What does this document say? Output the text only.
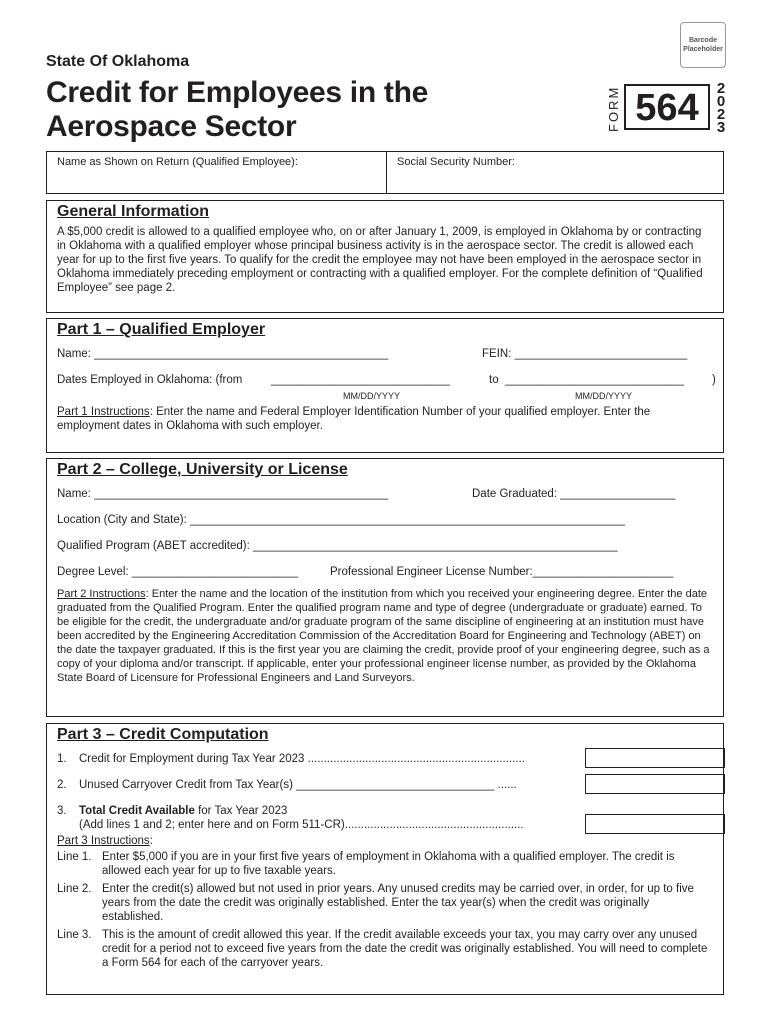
Barcode
Placeholder
State Of Oklahoma
Credit for Employees in the
Aerospace Sector	FORM 564	2
0
2
3
Name as Shown on Return (Qualified Employee):	Social Security Number:
General Information
A $5,000 credit is allowed to a qualified employee who, on or after January 1, 2009, is employed in Oklahoma by or contracting in Oklahoma with a qualified employer whose principal business activity is in the aerospace sector. The credit is allowed each year for up to the first five years. To qualify for the credit the employee may not have been employed in the aerospace sector in Oklahoma immediately preceding employment or contracting with a qualified employer. For the complete definition of “Qualified Employee” see page 2.
Part 1 – Qualified Employer
Name: ______________________________________________	FEIN: ___________________________
Dates Employed in Oklahoma: (from ____________________________	to ____________________________ )
MM/DD/YYYY	MM/DD/YYYY
Part 1 Instructions: Enter the name and Federal Employer Identification Number of your qualified employer. Enter the employment dates in Oklahoma with such employer.
Part 2 – College, University or License
Name: ______________________________________________	Date Graduated: __________________
Location (City and State): ____________________________________________________________________
Qualified Program (ABET accredited): _________________________________________________________
Degree Level: __________________________	Professional Engineer License Number:______________________
Part 2 Instructions: Enter the name and the location of the institution from which you received your engineering degree. Enter the date graduated from the Qualified Program. Enter the qualified program name and type of degree (undergraduate or graduate) earned. To be eligible for the credit, the undergraduate and/or graduate program of the same discipline of engineering at an institution must have been accredited by the Engineering Accreditation Commission of the Accreditation Board for Engineering and Technology (ABET) on the date the taxpayer graduated. If this is the first year you are claiming the credit, provide proof of your engineering degree, such as a copy of your diploma and/or transcript. If applicable, enter your professional engineer license number, as provided by the Oklahoma State Board of Licensure for Professional Engineers and Land Surveyors.
Part 3 – Credit Computation
1. Credit for Employment during Tax Year 2023 ....................................................................
2. Unused Carryover Credit from Tax Year(s) _______________________________ ......
3. Total Credit Available for Tax Year 2023
(Add lines 1 and 2; enter here and on Form 511-CR)........................................................
Part 3 Instructions:
Line 1. Enter $5,000 if you are in your first five years of employment in Oklahoma with a qualified employer. The credit is allowed each year for up to five taxable years.
Line 2. Enter the credit(s) allowed but not used in prior years. Any unused credits may be carried over, in order, for up to five years from the date the credit was originally established. Enter the tax year(s) when the credit was originally established.
Line 3. This is the amount of credit allowed this year. If the credit available exceeds your tax, you may carry over any unused credit for a period not to exceed five years from the date the credit was originally established. You will need to complete a Form 564 for each of the carryover years.
